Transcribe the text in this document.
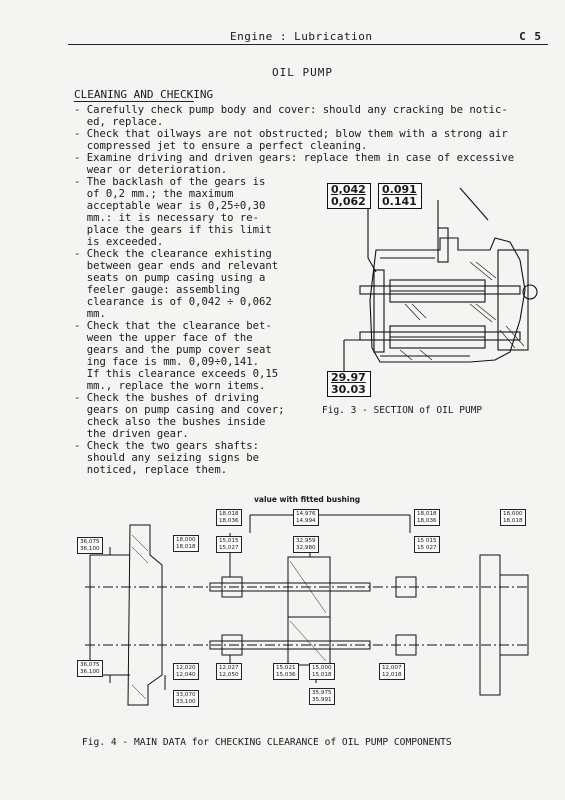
Engine : Lubrication	C 5
OIL PUMP
CLEANING AND CHECKING
- Carefully check pump body and cover: should any cracking be notic-
ed, replace.
- Check that oilways are not obstructed; blow them with a strong air
compressed jet to ensure a perfect cleaning.
- Examine driving and driven gears: replace them in case of excessive
wear or deterioration.
- The backlash of the gears is
of 0,2 mm.; the maximum
acceptable wear is 0,25÷0,30
mm.: it is necessary to re-
place the gears if this limit
is exceeded.
- Check the clearance exhisting
between gear ends and relevant
seats on pump casing using a
feeler gauge: assembling
clearance is of 0,042 ÷ 0,062
mm.
- Check that the clearance bet-
ween the upper face of the
gears and the pump cover seat
ing face is mm. 0,09÷0,141.
If this clearance exceeds 0,15
mm., replace the worn items.
- Check the bushes of driving
gears on pump casing and cover;
check also the bushes inside
the driven gear.
- Check the two gears shafts:
should any seizing signs be
noticed, replace them.
0,042
0,062
0.091
0.141
29.97
30.03
Fig. 3 - SECTION of OIL PUMP
value with fitted bushing
36,075
36,100
36,075
36,100
18,000
18,018
12,020
12,040
33,070
33,100
18,018
18,036
15,015
15,027
12,027
12,050
14,976
14,994
32,959
32,980
15,021
15,036
15,000
15,018
35,975
35,991
18,018
18,036
15 015
15 027
12,007
12,018
18,000
18,018
Fig. 4 - MAIN DATA for CHECKING CLEARANCE of OIL PUMP COMPONENTS
